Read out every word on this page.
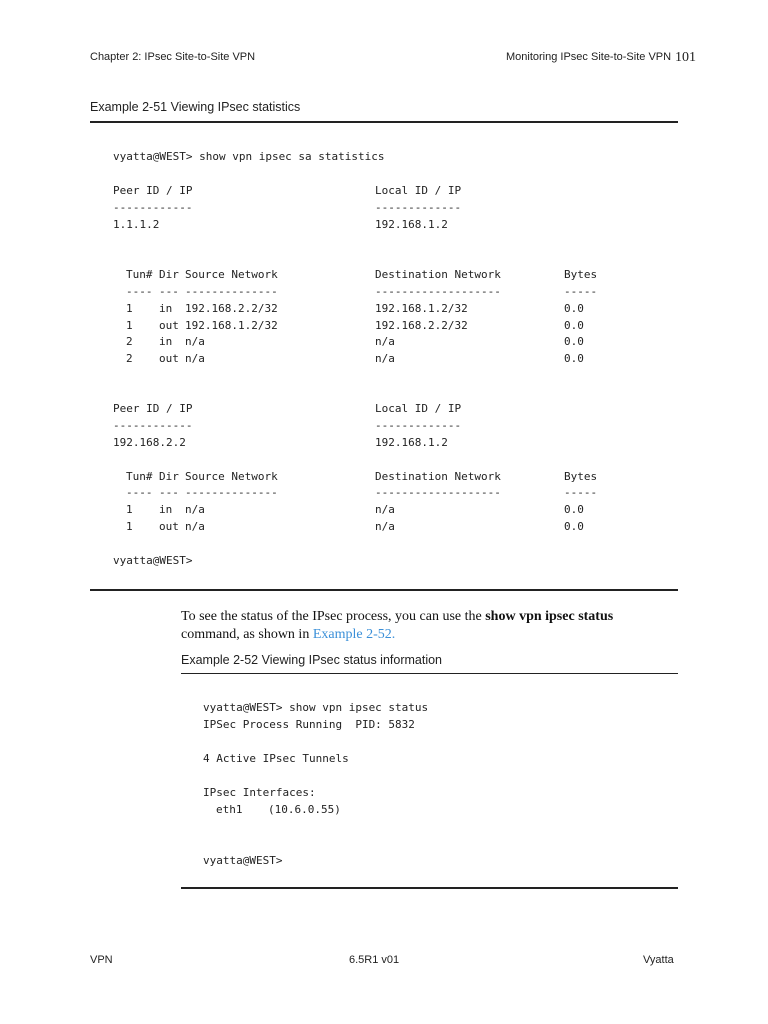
Chapter 2: IPsec Site-to-Site VPN	Monitoring IPsec Site-to-Site VPN 101
Example 2-51 Viewing IPsec statistics
vyatta@WEST> show vpn ipsec sa statistics
Peer ID / IP	Local ID / IP
------------	-------------
1.1.1.2	192.168.1.2
Tun# Dir Source Network	Destination Network	Bytes
---- --- --------------	-------------------	-----
1 in 192.168.2.2/32	192.168.1.2/32	0.0
1 out 192.168.1.2/32	192.168.2.2/32	0.0
2 in n/a	n/a	0.0
2 out n/a	n/a	0.0
Peer ID / IP	Local ID / IP
------------	-------------
192.168.2.2	192.168.1.2
Tun# Dir Source Network	Destination Network	Bytes
---- --- --------------	-------------------	-----
1 in n/a	n/a	0.0
1 out n/a	n/a	0.0
vyatta@WEST>
To see the status of the IPsec process, you can use the show vpn ipsec status
command, as shown in Example 2-52.
Example 2-52 Viewing IPsec status information
vyatta@WEST> show vpn ipsec status
IPSec Process Running  PID: 5832
4 Active IPsec Tunnels
IPsec Interfaces:
eth1 (10.6.0.55)
vyatta@WEST>
VPN	6.5R1 v01	Vyatta
